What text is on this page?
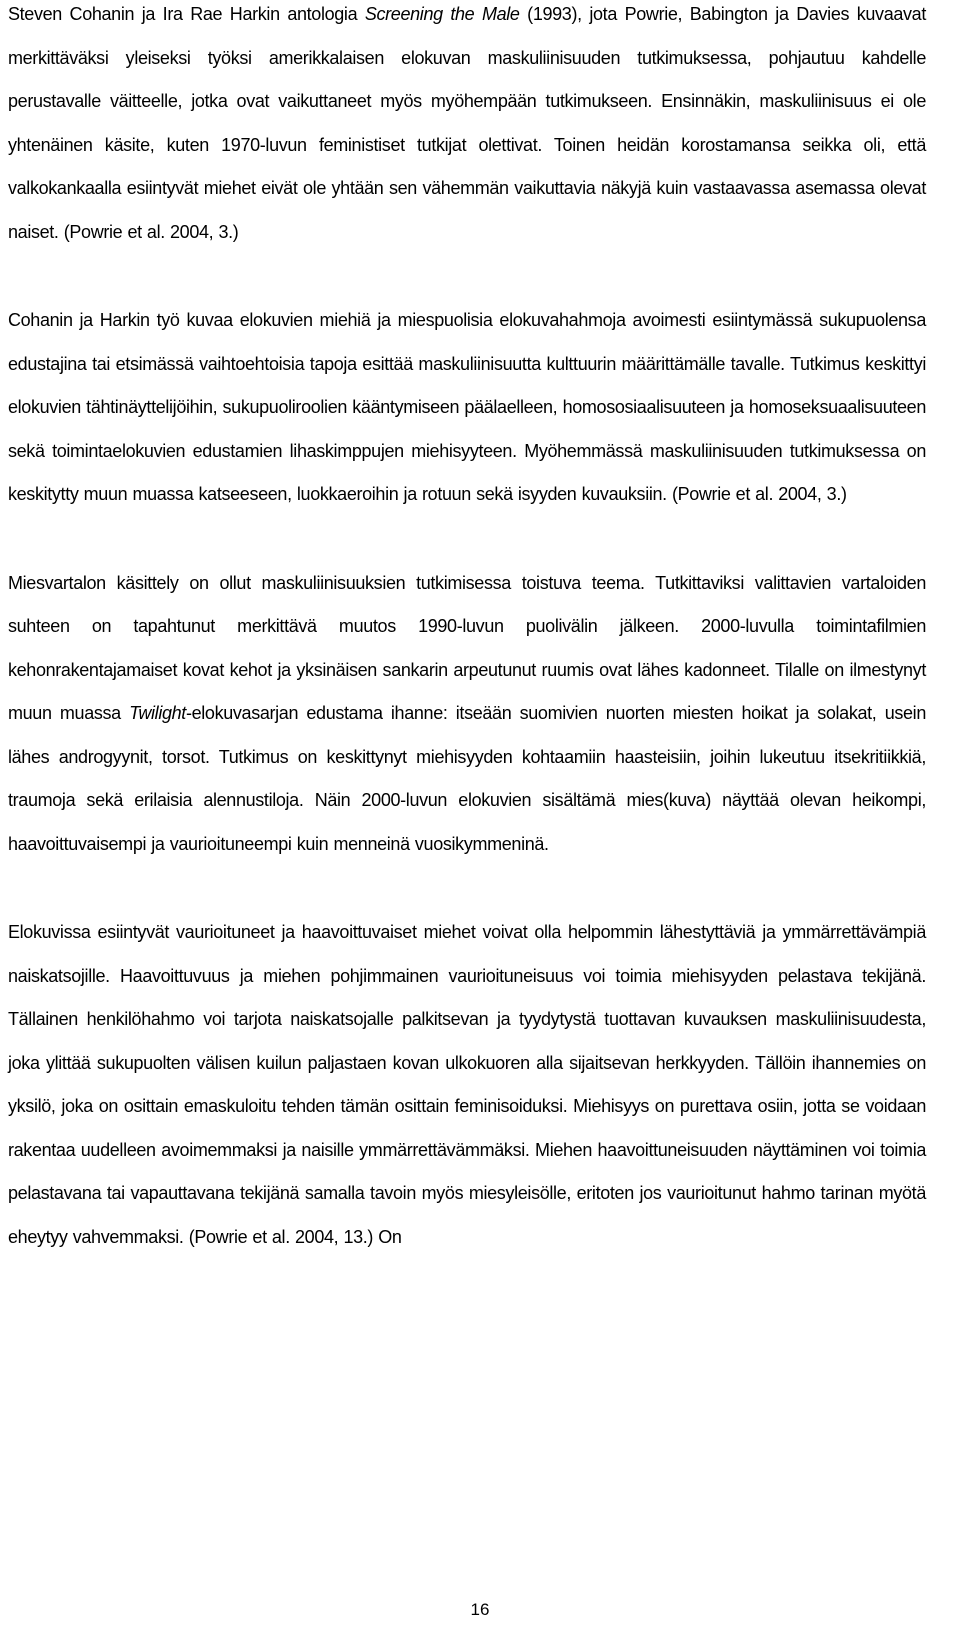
Steven Cohanin ja Ira Rae Harkin antologia Screening the Male (1993), jota Powrie, Babington ja Davies kuvaavat merkittäväksi yleiseksi työksi amerikkalaisen elokuvan maskuliinisuuden tutkimuksessa, pohjautuu kahdelle perustavalle väitteelle, jotka ovat vaikuttaneet myös myöhempään tutkimukseen. Ensinnäkin, maskuliinisuus ei ole yhtenäinen käsite, kuten 1970-luvun feministiset tutkijat olettivat. Toinen heidän korostamansa seikka oli, että valkokankaalla esiintyvät miehet eivät ole yhtään sen vähemmän vaikuttavia näkyjä kuin vastaavassa asemassa olevat naiset. (Powrie et al. 2004, 3.)

Cohanin ja Harkin työ kuvaa elokuvien miehiä ja miespuolisia elokuvahahmoja avoimesti esiintymässä sukupuolensa edustajina tai etsimässä vaihtoehtoisia tapoja esittää maskuliinisuutta kulttuurin määrittämälle tavalle. Tutkimus keskittyi elokuvien tähtinäyttelijöihin, sukupuoliroolien kääntymiseen päälaelleen, homososiaalisuuteen ja homoseksuaalisuuteen sekä toimintaelokuvien edustamien lihaskimppujen miehisyyteen. Myöhemmässä maskuliinisuuden tutkimuksessa on keskitytty muun muassa katseeseen, luokkaeroihin ja rotuun sekä isyyden kuvauksiin. (Powrie et al. 2004, 3.)

Miesvartalon käsittely on ollut maskuliinisuuksien tutkimisessa toistuva teema. Tutkittaviksi valittavien vartaloiden suhteen on tapahtunut merkittävä muutos 1990-luvun puolivälin jälkeen. 2000-luvulla toimintafilmien kehonrakentajamaiset kovat kehot ja yksinäisen sankarin arpeutunut ruumis ovat lähes kadonneet. Tilalle on ilmestynyt muun muassa Twilight-elokuvasarjan edustama ihanne: itseään suomivien nuorten miesten hoikat ja solakat, usein lähes androgyynit, torsot. Tutkimus on keskittynyt miehisyyden kohtaamiin haasteisiin, joihin lukeutuu itsekritiikkiä, traumoja sekä erilaisia alennustiloja. Näin 2000-luvun elokuvien sisältämä mies(kuva) näyttää olevan heikompi, haavoittuvaisempi ja vaurioituneempi kuin menneinä vuosikymmeninä.

Elokuvissa esiintyvät vaurioituneet ja haavoittuvaiset miehet voivat olla helpommin lähestyttäviä ja ymmärrettävämpiä naiskatsojille. Haavoittuvuus ja miehen pohjimmainen vaurioituneisuus voi toimia miehisyyden pelastava tekijänä. Tällainen henkilöhahmo voi tarjota naiskatsojalle palkitsevan ja tyydytystä tuottavan kuvauksen maskuliinisuudesta, joka ylittää sukupuolten välisen kuilun paljastaen kovan ulkokuoren alla sijaitsevan herkkyyden. Tällöin ihannemies on yksilö, joka on osittain emaskuloitu tehden tämän osittain feminisoiduksi. Miehisyys on purettava osiin, jotta se voidaan rakentaa uudelleen avoimemmaksi ja naisille ymmärrettävämmäksi. Miehen haavoittuneisuuden näyttäminen voi toimia pelastavana tai vapauttavana tekijänä samalla tavoin myös miesyleisölle, eritoten jos vaurioitunut hahmo tarinan myötä eheytyy vahvemmaksi. (Powrie et al. 2004, 13.) On

16
